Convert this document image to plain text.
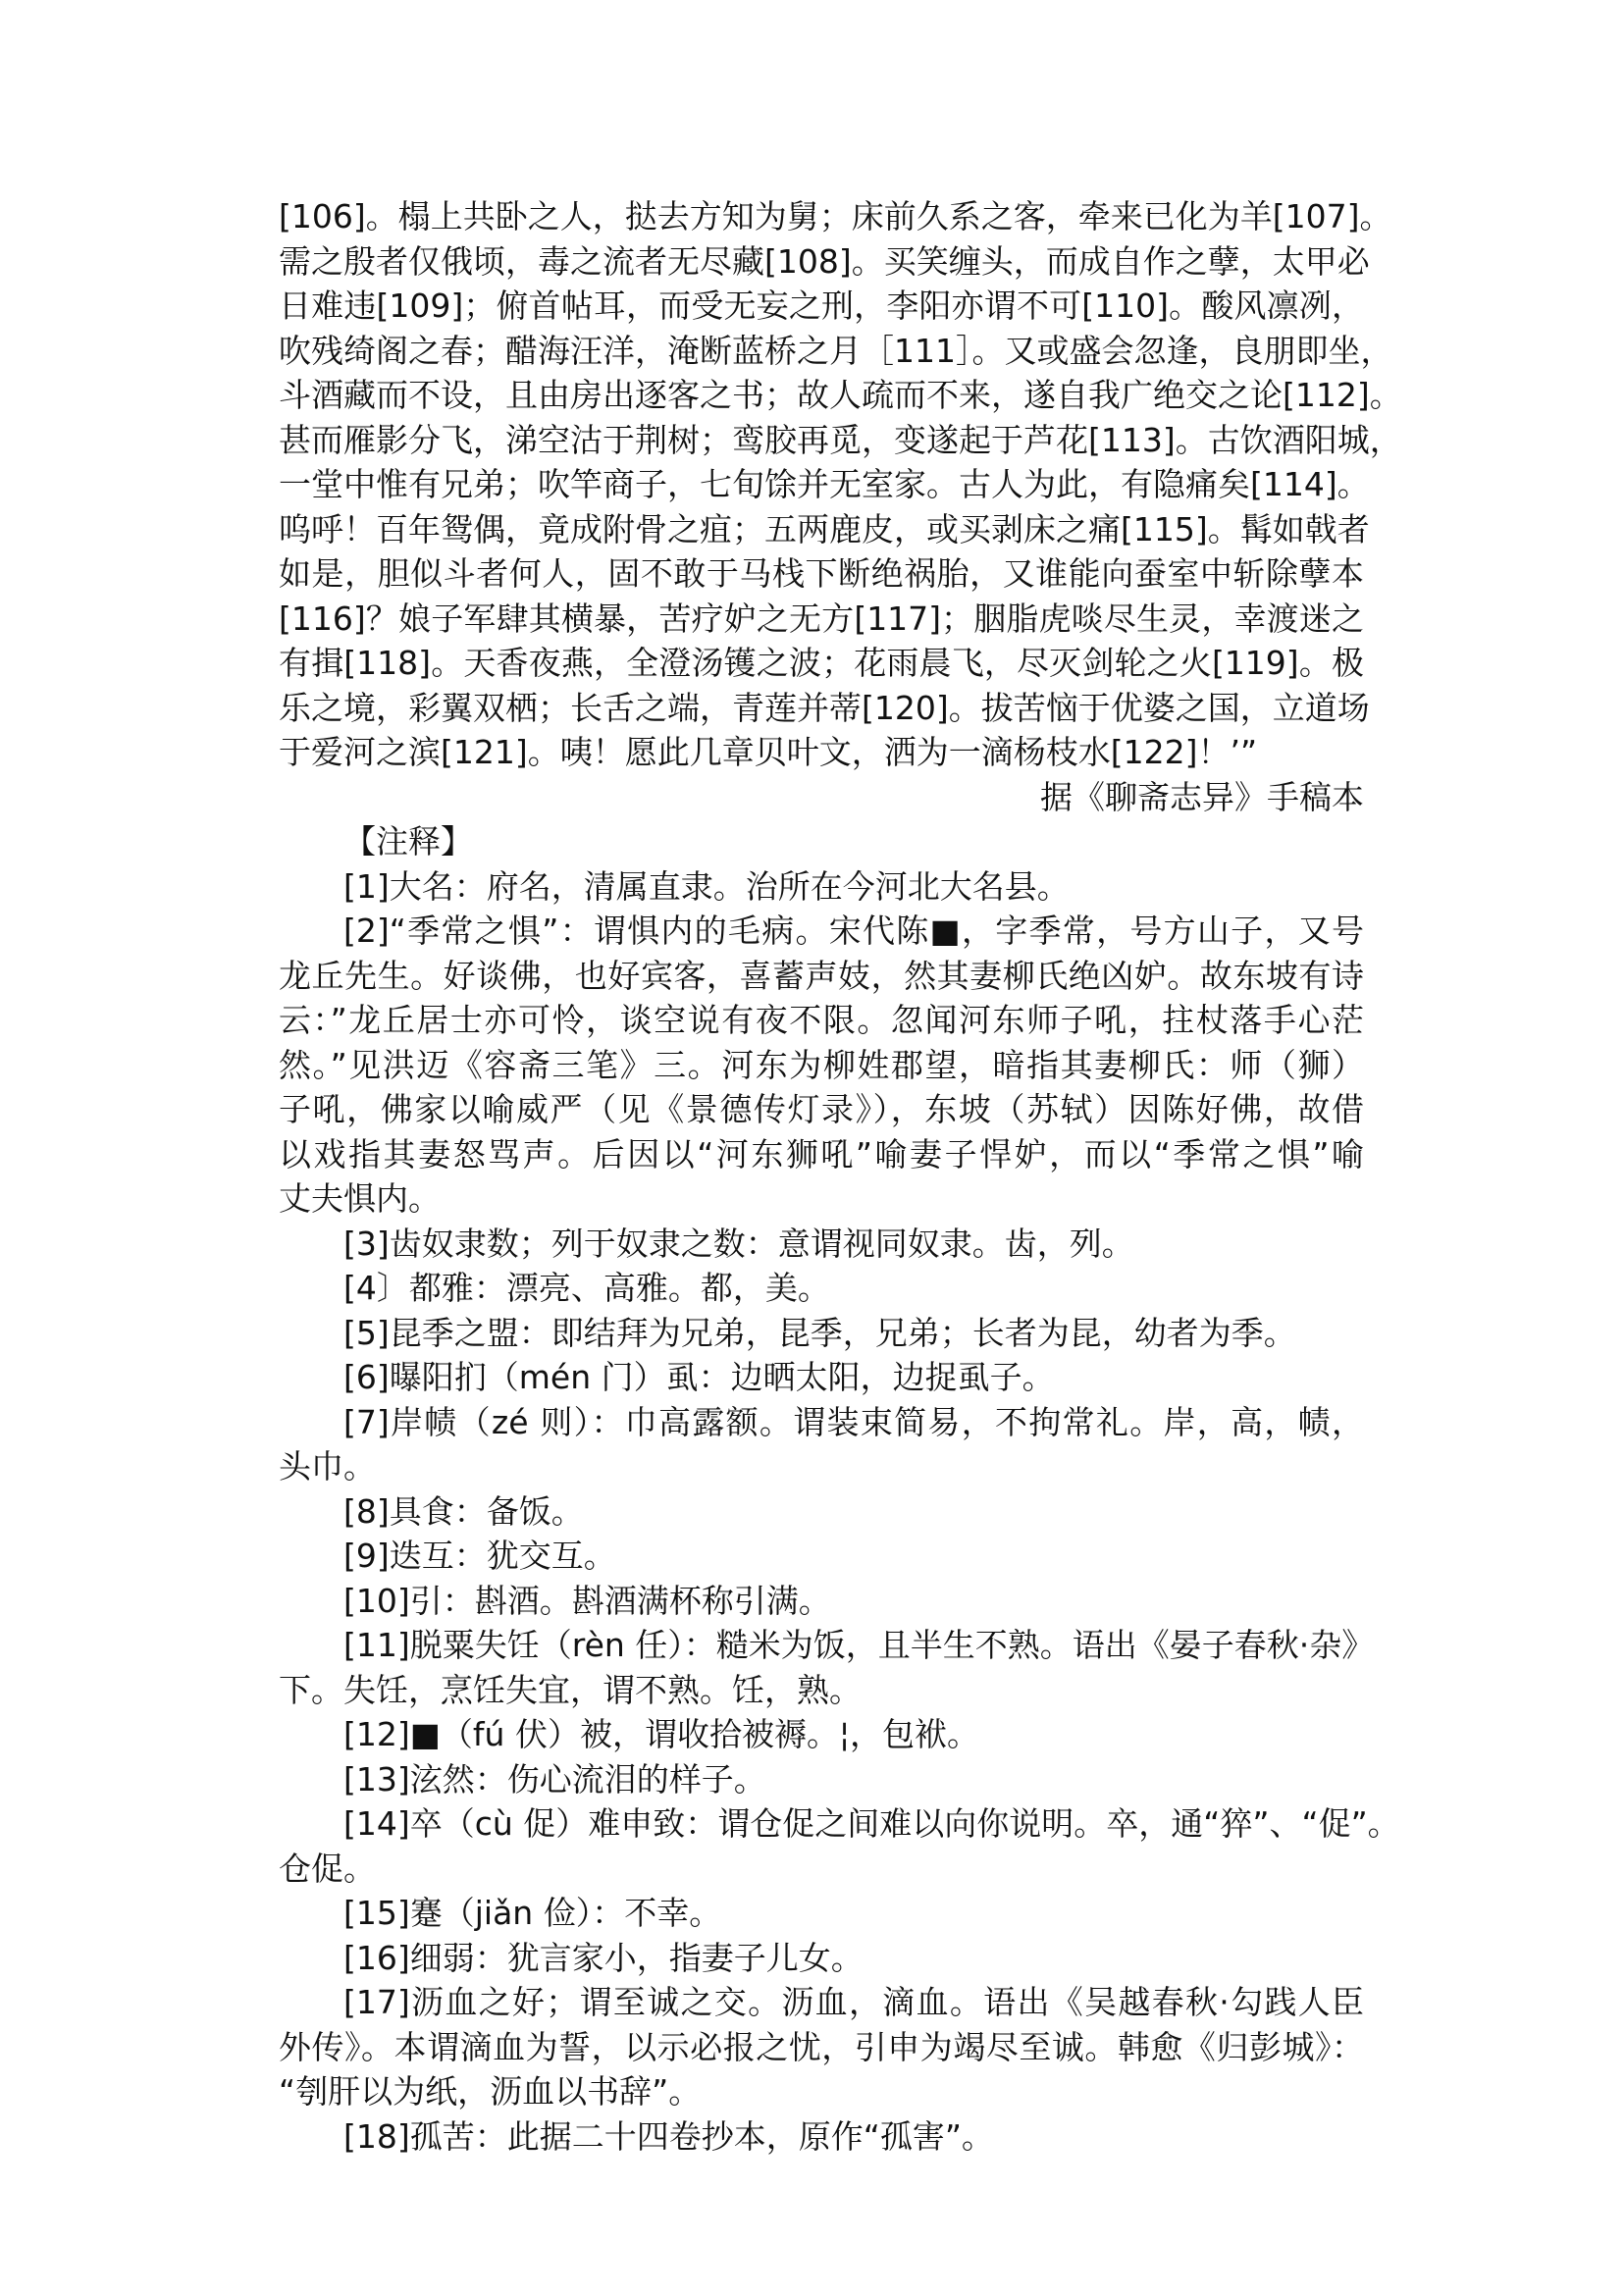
[106]。榻上共卧之人，挞去方知为舅；床前久系之客，牵来已化为羊[107]。
需之殷者仅俄顷，毒之流者无尽藏[108]。买笑缠头，而成自作之孽，太甲必
日难违[109]；俯首帖耳，而受无妄之刑，李阳亦谓不可[110]。酸风凛冽，
吹残绮阁之春；醋海汪洋，淹断蓝桥之月［111］。又或盛会忽逢，良朋即坐，
斗酒藏而不设，且由房出逐客之书；故人疏而不来，遂自我广绝交之论[112]。
甚而雁影分飞，涕空沽于荆树；鸾胶再觅，变遂起于芦花[113]。古饮酒阳城，
一堂中惟有兄弟；吹竿商子，七旬馀并无室家。古人为此，有隐痛矣[114]。
呜呼！百年鸳偶，竟成附骨之疽；五两鹿皮，或买剥床之痛[115]。髯如戟者
如是，胆似斗者何人，固不敢于马栈下断绝祸胎，又谁能向蚕室中斩除孽本
[116]？娘子军肆其横暴，苦疗妒之无方[117]；胭脂虎啖尽生灵，幸渡迷之
有揖[118]。天香夜燕，全澄汤镬之波；花雨晨飞，尽灭剑轮之火[119]。极
乐之境，彩翼双栖；长舌之端，青莲并蒂[120]。拔苦恼于优婆之国，立道场
于爱河之滨[121]。咦！愿此几章贝叶文，洒为一滴杨枝水[122]！’”
据《聊斋志异》手稿本
【注释】
[1]大名：府名，清属直隶。治所在今河北大名县。
[2]“季常之惧”：谓惧内的毛病。宋代陈■，字季常，号方山子，又号
龙丘先生。好谈佛，也好宾客，喜蓄声妓，然其妻柳氏绝凶妒。故东坡有诗
云：”龙丘居士亦可怜，谈空说有夜不限。忽闻河东师子吼，拄杖落手心茫
然。”见洪迈《容斋三笔》三。河东为柳姓郡望，暗指其妻柳氏：师（狮）
子吼，佛家以喻威严（见《景德传灯录》），东坡（苏轼）因陈好佛，故借
以戏指其妻怒骂声。后因以“河东狮吼”喻妻子悍妒，而以“季常之惧”喻
丈夫惧内。
[3]齿奴隶数；列于奴隶之数：意谓视同奴隶。齿，列。
[4〕都雅：漂亮、高雅。都，美。
[5]昆季之盟：即结拜为兄弟，昆季，兄弟；长者为昆，幼者为季。
[6]曝阳扪（mén 门）虱：边晒太阳，边捉虱子。
[7]岸帻（zé 则）：巾高露额。谓装束简易，不拘常礼。岸，高，帻，
头巾。
[8]具食：备饭。
[9]迭互：犹交互。
[10]引：斟酒。斟酒满杯称引满。
[11]脱粟失饪（rèn 任）：糙米为饭，且半生不熟。语出《晏子春秋·杂》
下。失饪，烹饪失宜，谓不熟。饪，熟。
[12]■（fú 伏）被，谓收拾被褥。¦，包袱。
[13]泫然：伤心流泪的样子。
[14]卒（cù 促）难申致：谓仓促之间难以向你说明。卒，通“猝”、“促”。
仓促。
[15]蹇（jiǎn 俭）：不幸。
[16]细弱：犹言家小，指妻子儿女。
[17]沥血之好；谓至诚之交。沥血，滴血。语出《吴越春秋·勾践人臣
外传》。本谓滴血为誓，以示必报之忧，引申为竭尽至诚。韩愈《归彭城》：
“刳肝以为纸，沥血以书辞”。
[18]孤苦：此据二十四卷抄本，原作“孤害”。
